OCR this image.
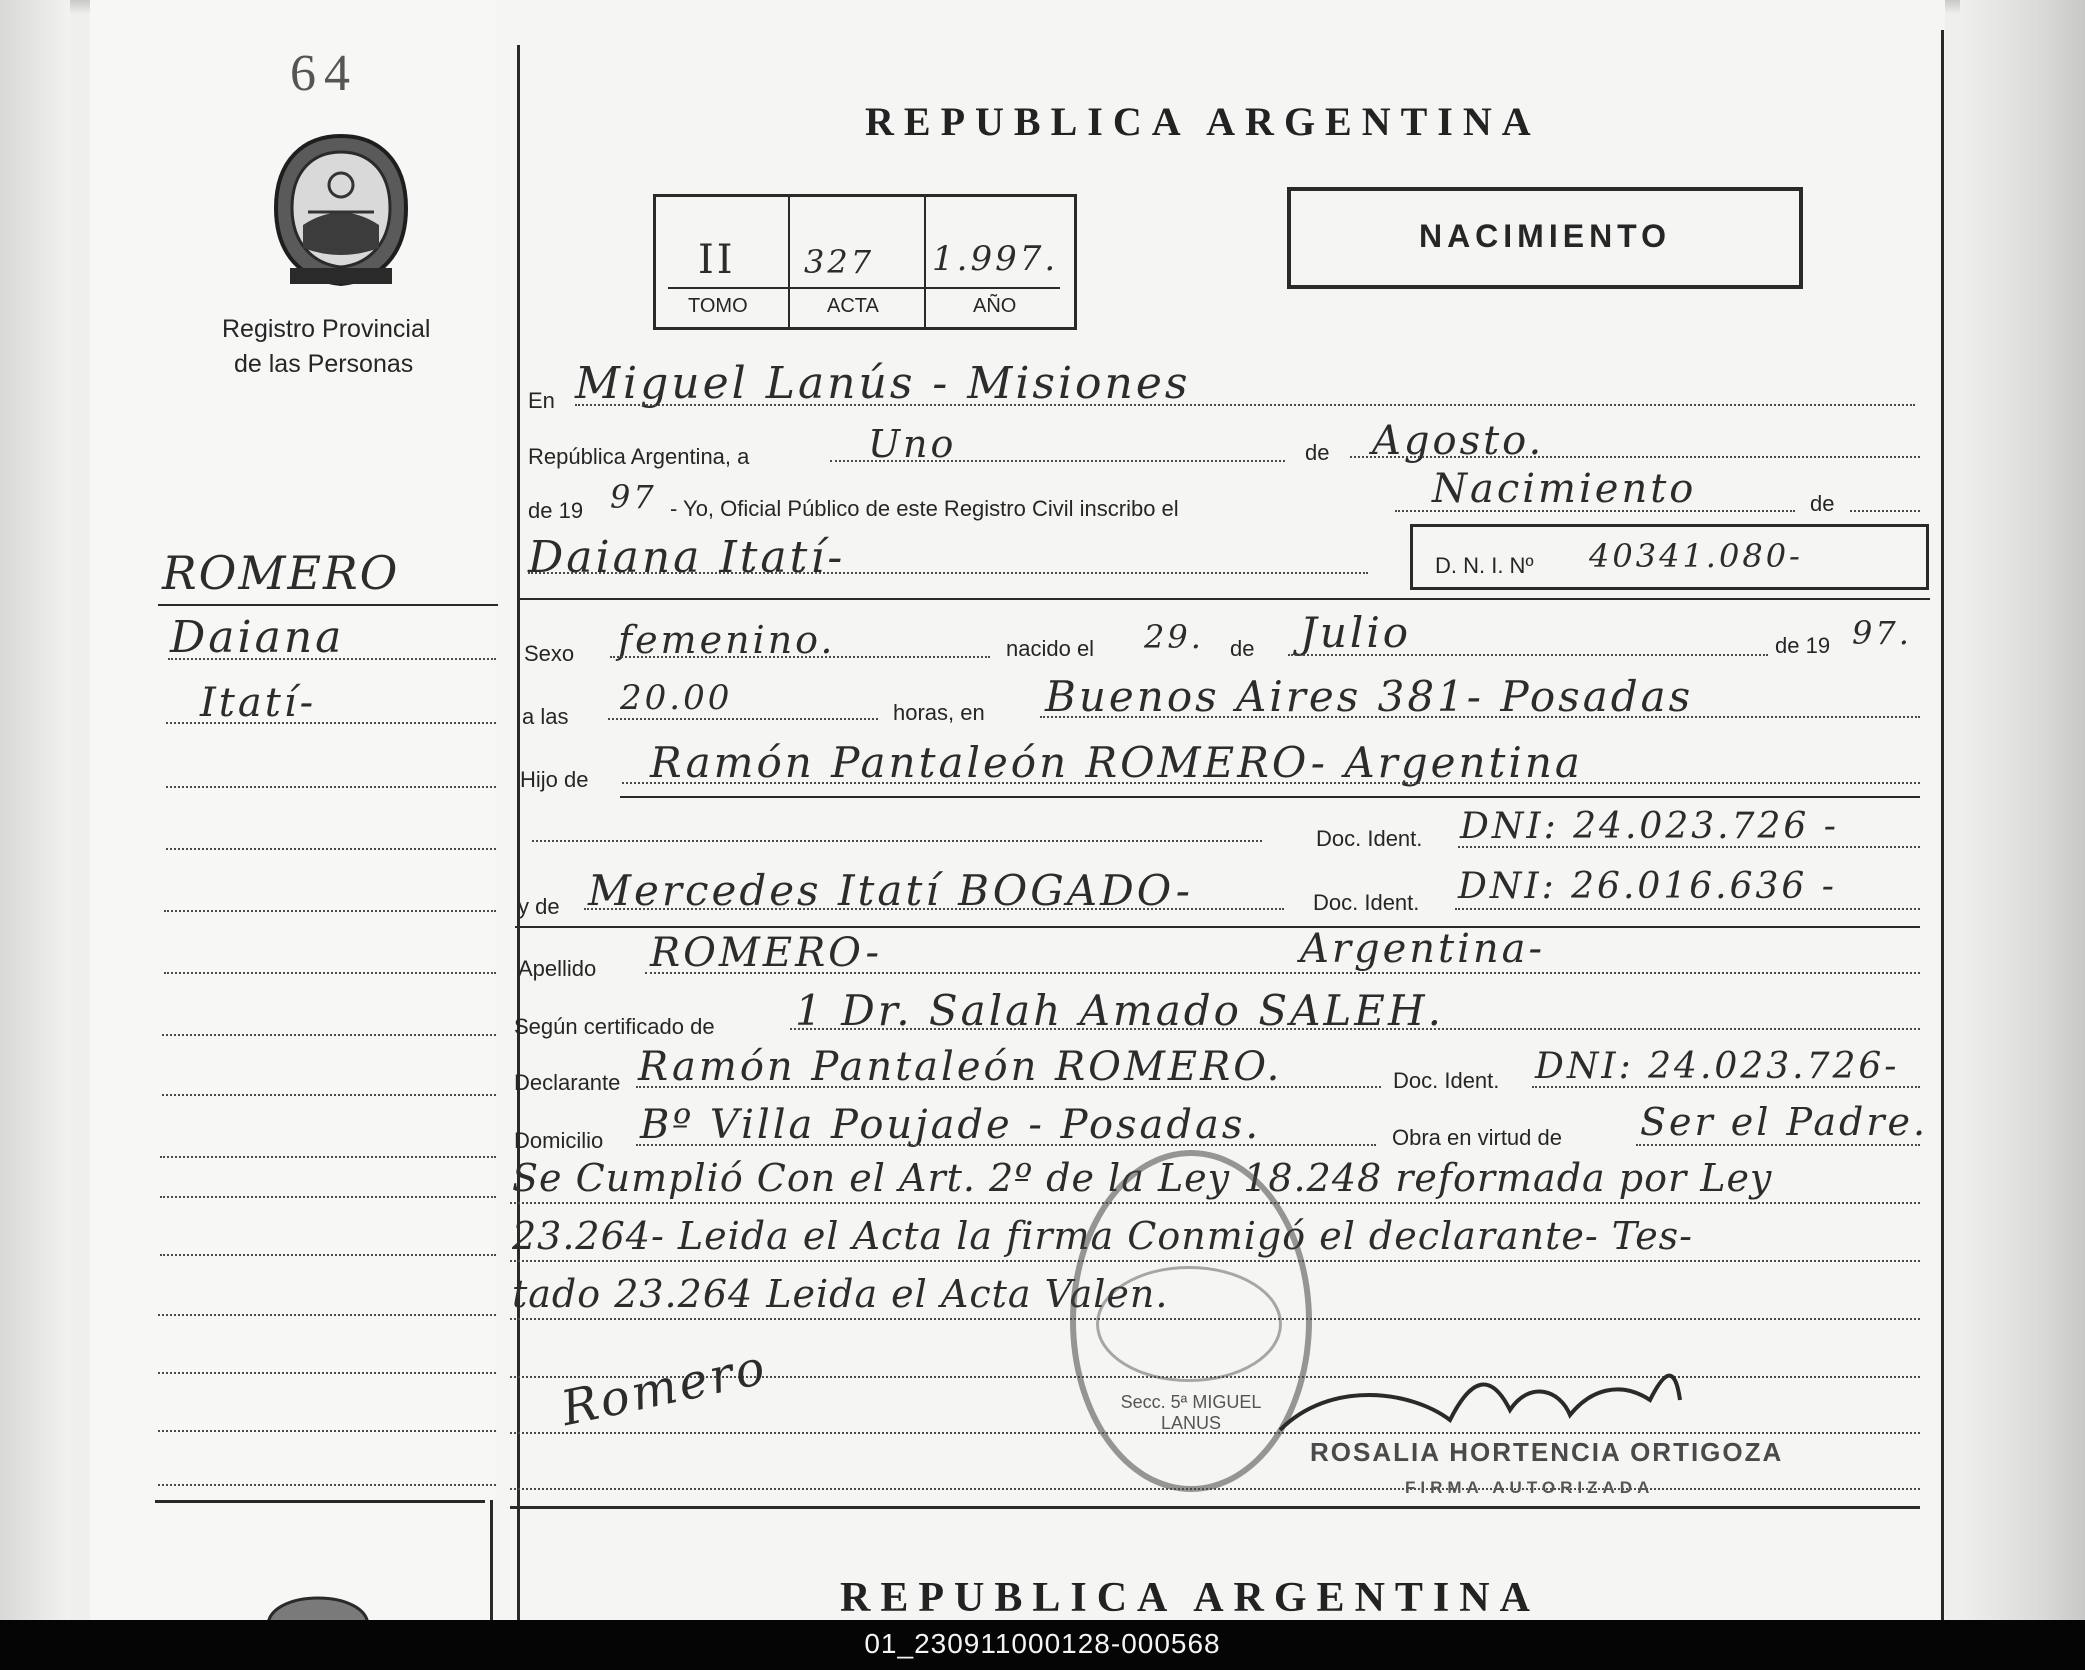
64
Registro Provincial
de las Personas
REPUBLICA ARGENTINA
II 327 1.997.
TOMO	ACTA	AÑO
NACIMIENTO
En Miguel Lanús - Misiones
República Argentina, a	Uno	de Agosto.
de 19 97 - Yo, Oficial Público de este Registro Civil inscribo el	Nacimiento	de
Daiana Itatí-	D. N. I. Nº 40341.080-
Sexo femenino.	nacido el 29. de Julio	de 19 97.
a las 20.00	horas, en Buenos Aires 381- Posadas
Hijo de Ramón Pantaleón ROMERO- Argentina
Doc. Ident. DNI: 24.023.726 -
y de Mercedes Itatí BOGADO-	Doc. Ident. DNI: 26.016.636 -
Apellido ROMERO-	Argentina-
Según certificado de 1 Dr. Salah Amado SALEH.
Declarante Ramón Pantaleón ROMERO.	Doc. Ident. DNI: 24.023.726-
Domicilio Bº Villa Poujade - Posadas.	Obra en virtud de Ser el Padre.
Se Cumplió Con el Art. 2º de la Ley 18.248 reformada por Ley
23.264- Leida el Acta la firma Conmigó el declarante- Tes-
tado 23.264 Leida el Acta Valen.
Secc. 5ª MIGUEL LANUS
Romero
ROSALIA HORTENCIA ORTIGOZA
FIRMA AUTORIZADA
ROMERO
Daiana
Itatí-
REPUBLICA ARGENTINA
01_230911000128-000568
